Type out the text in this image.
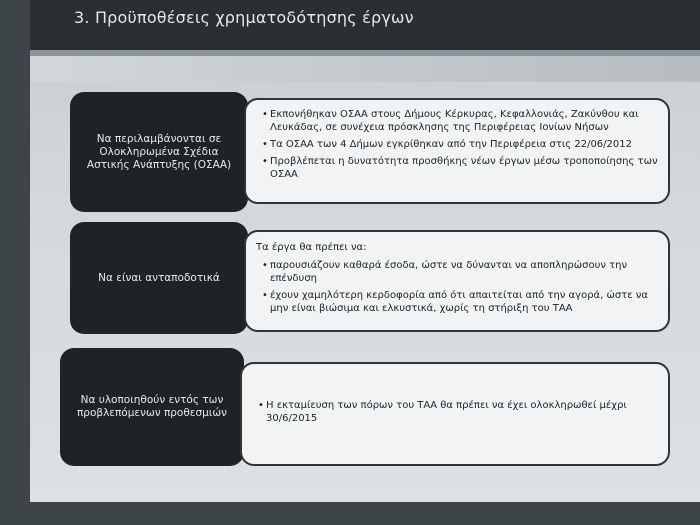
3. Προϋποθέσεις χρηματοδότησης έργων
Να περιλαμβάνονται σε Ολοκληρωμένα Σχέδια Αστικής Ανάπτυξης (ΟΣΑΑ)
• Εκπονήθηκαν ΟΣΑΑ στους Δήμους Κέρκυρας, Κεφαλλονιάς, Ζακύνθου και Λευκάδας, σε συνέχεια πρόσκλησης της Περιφέρειας Ιονίων Νήσων
• Τα ΟΣΑΑ των 4 Δήμων εγκρίθηκαν από την Περιφέρεια στις 22/06/2012
• Προβλέπεται η δυνατότητα προσθήκης νέων έργων μέσω τροποποίησης των ΟΣΑΑ
Να είναι ανταποδοτικά
Τα έργα θα πρέπει να:
• παρουσιάζουν καθαρά έσοδα, ώστε να δύνανται να αποπληρώσουν την επένδυση
• έχουν χαμηλότερη κερδοφορία από ότι απαιτείται από την αγορά, ώστε να μην είναι βιώσιμα και ελκυστικά, χωρίς τη στήριξη του ΤΑΑ
Να υλοποιηθούν εντός των προβλεπόμενων προθεσμιών
• Η εκταμίευση των πόρων του ΤΑΑ θα πρέπει να έχει ολοκληρωθεί μέχρι 30/6/2015
